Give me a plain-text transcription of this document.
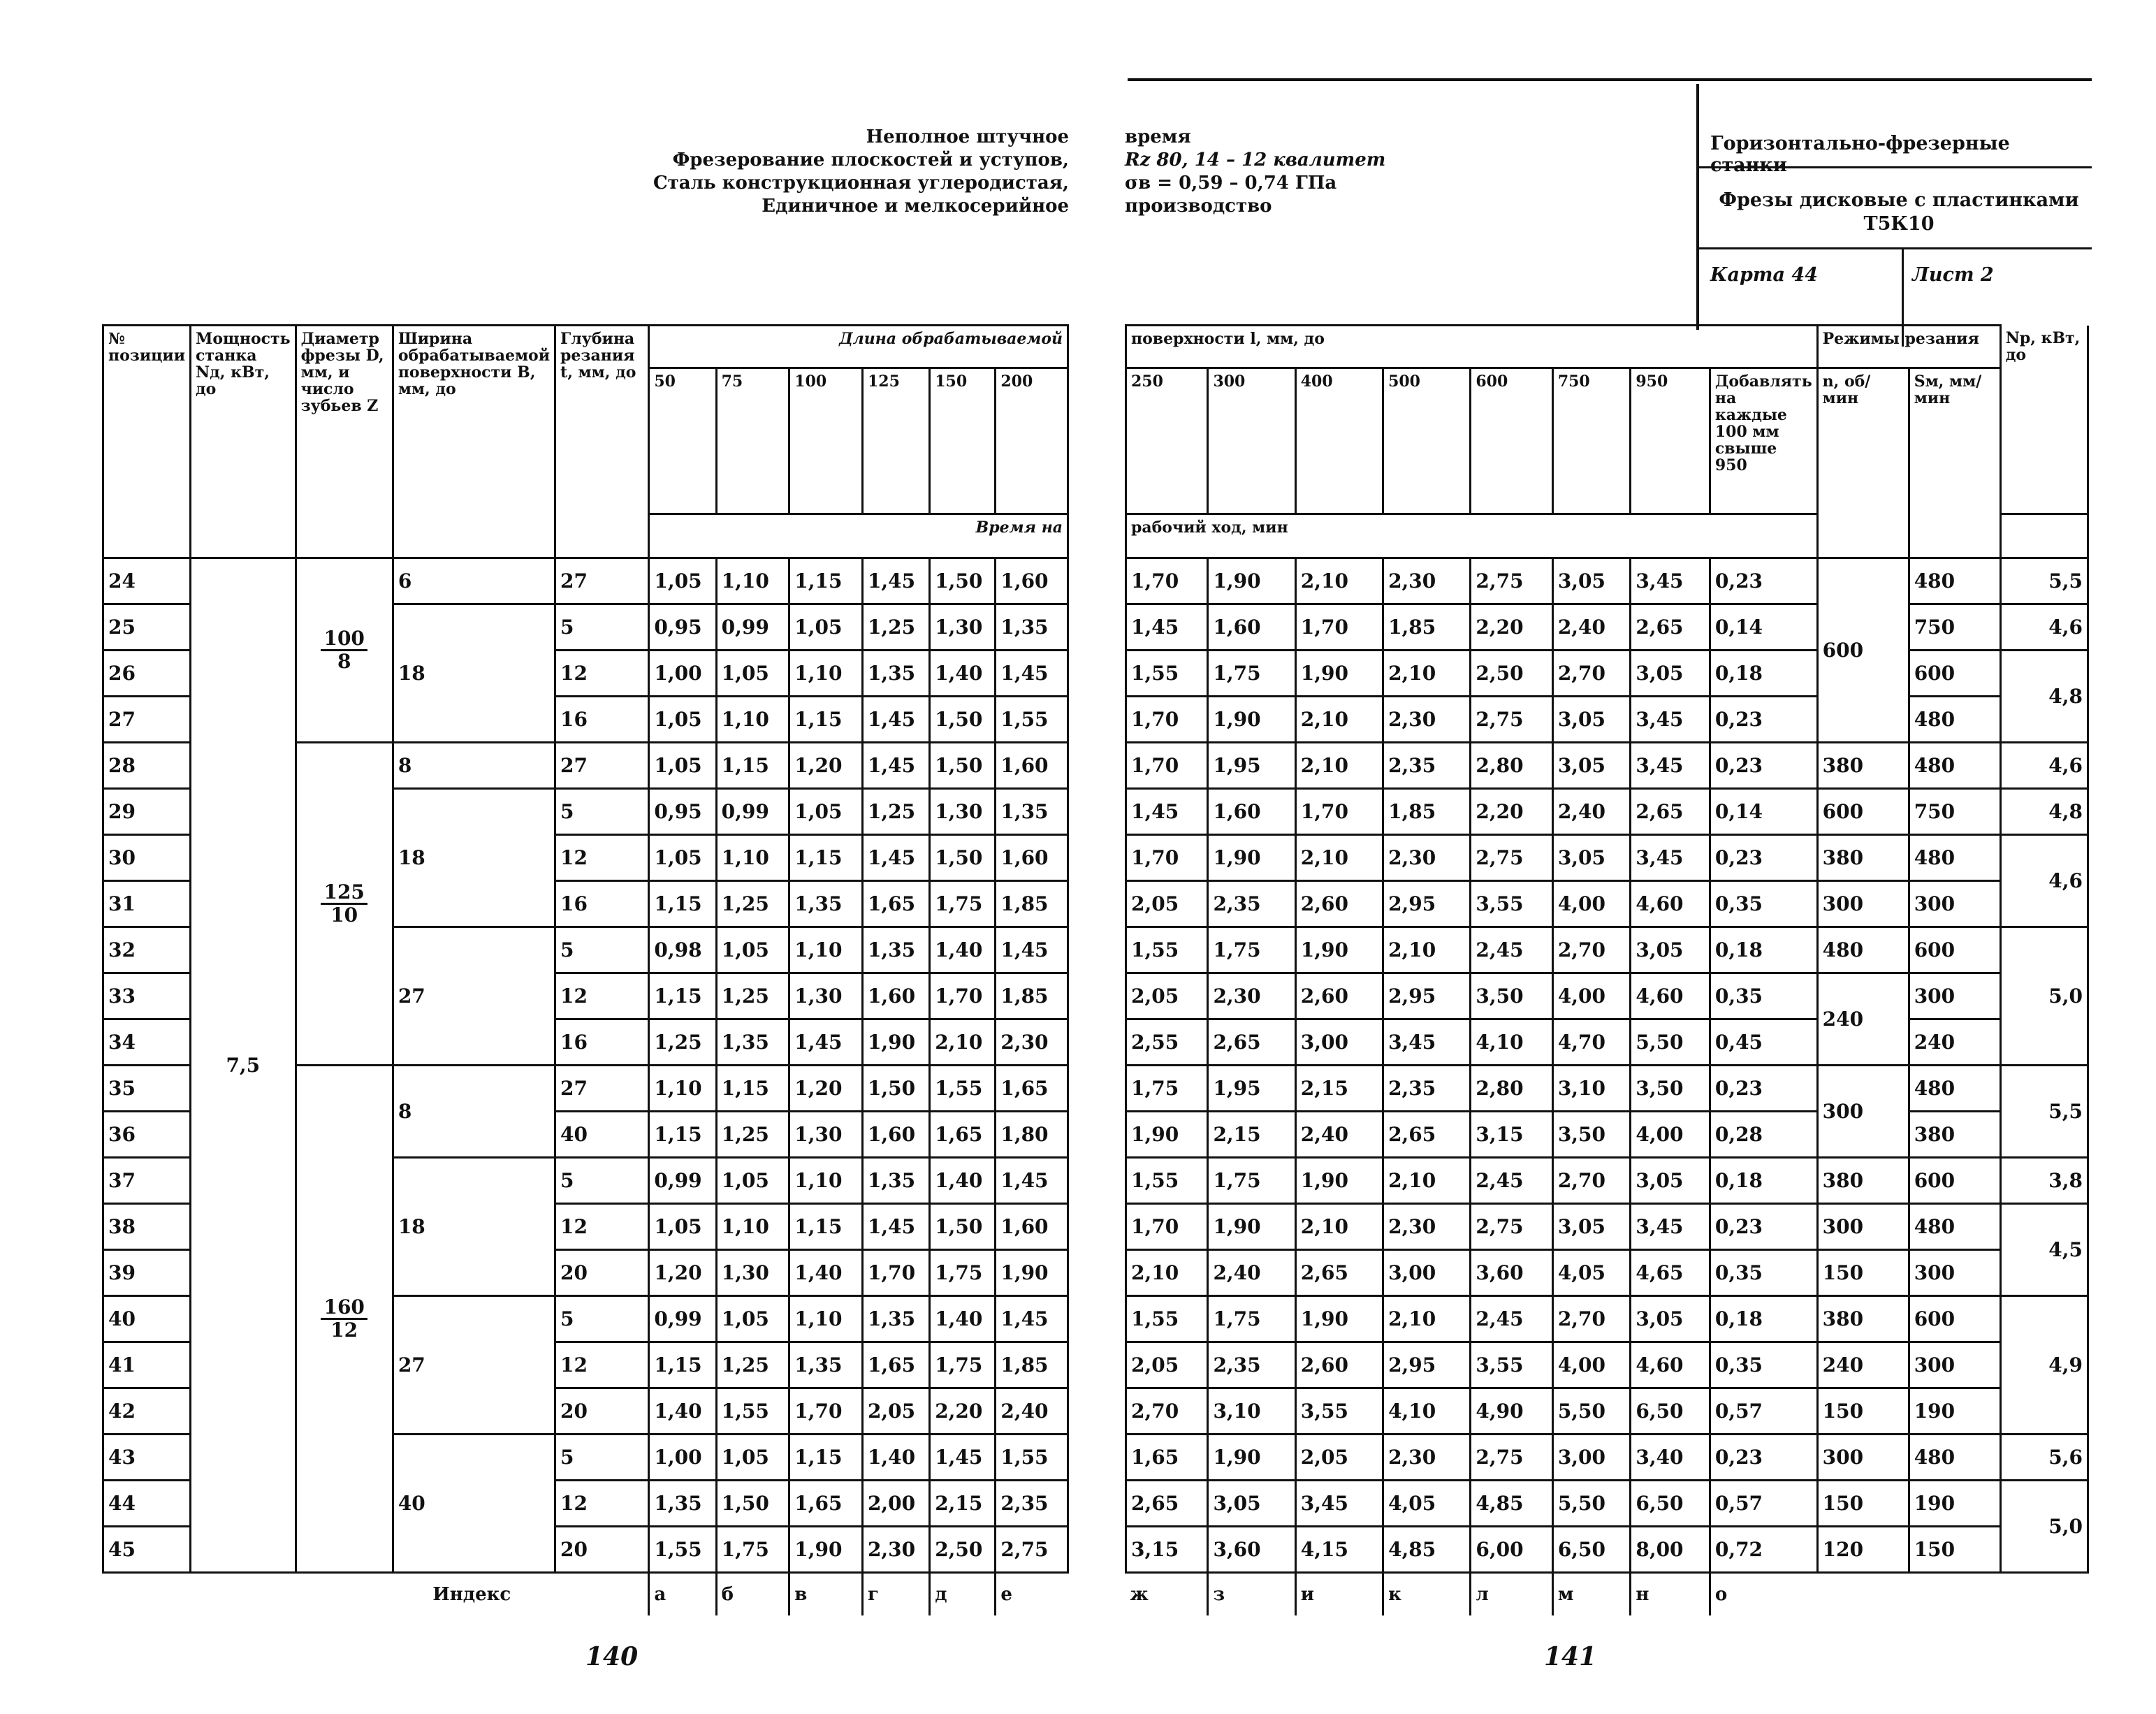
Неполное штучное
Фрезерование плоскостей и уступов,
Сталь конструкционная углеродистая,
Единичное и мелкосерийное
№ позиции	Мощность станка Nд, кВт, до	Диаметр фрезы D, мм, и число зубьев Z	Ширина обрабатываемой поверхности В, мм, до	Глубина резания t, мм, до	Длина обрабатываемой					
					50	75	100	125	150	200
					Время на					
24	7,5	$\frac{100}{8}$	6	27	1,05	1,10	1,15	1,45	1,50	1,60
25			18	5	0,95	0,99	1,05	1,25	1,30	1,35
26				12	1,00	1,05	1,10	1,35	1,40	1,45
27				16	1,05	1,10	1,15	1,45	1,50	1,55
28		$\frac{125}{10}$	8	27	1,05	1,15	1,20	1,45	1,50	1,60
29			18	5	0,95	0,99	1,05	1,25	1,30	1,35
30				12	1,05	1,10	1,15	1,45	1,50	1,60
31				16	1,15	1,25	1,35	1,65	1,75	1,85
32			27	5	0,98	1,05	1,10	1,35	1,40	1,45
33				12	1,15	1,25	1,30	1,60	1,70	1,85
34				16	1,25	1,35	1,45	1,90	2,10	2,30
35		$\frac{160}{12}$	8	27	1,10	1,15	1,20	1,50	1,55	1,65
36				40	1,15	1,25	1,30	1,60	1,65	1,80
37			18	5	0,99	1,05	1,10	1,35	1,40	1,45
38				12	1,05	1,10	1,15	1,45	1,50	1,60
39				20	1,20	1,30	1,40	1,70	1,75	1,90
40			27	5	0,99	1,05	1,10	1,35	1,40	1,45
41				12	1,15	1,25	1,35	1,65	1,75	1,85
42				20	1,40	1,55	1,70	2,05	2,20	2,40
43			40	5	1,00	1,05	1,15	1,40	1,45	1,55
44				12	1,35	1,50	1,65	2,00	2,15	2,35
45				20	1,55	1,75	1,90	2,30	2,50	2,75
		Индекс			а	б	в	г	д	е
140
время
Rz 80, 14 – 12 квалитет
σв = 0,59 – 0,74 ГПа
производство
Горизонтально-фрезерные станки
Фрезы дисковые с пластинками Т5К10
Карта 44	Лист 2
поверхности l, мм, до								Режимы резания		Np, кВт, до
250	300	400	500	600	750	950	Добавлять на каждые 100 мм свыше 950	n, об/мин	Sм, мм/мин	
рабочий ход, мин										
1,70	1,90	2,10	2,30	2,75	3,05	3,45	0,23	600	480	5,5
1,45	1,60	1,70	1,85	2,20	2,40	2,65	0,14		750	4,6
1,55	1,75	1,90	2,10	2,50	2,70	3,05	0,18		600	4,8
1,70	1,90	2,10	2,30	2,75	3,05	3,45	0,23		480	
1,70	1,95	2,10	2,35	2,80	3,05	3,45	0,23	380	480	4,6
1,45	1,60	1,70	1,85	2,20	2,40	2,65	0,14	600	750	4,8
1,70	1,90	2,10	2,30	2,75	3,05	3,45	0,23	380	480	4,6
2,05	2,35	2,60	2,95	3,55	4,00	4,60	0,35	300	300	
1,55	1,75	1,90	2,10	2,45	2,70	3,05	0,18	480	600	5,0
2,05	2,30	2,60	2,95	3,50	4,00	4,60	0,35	240	300	
2,55	2,65	3,00	3,45	4,10	4,70	5,50	0,45		240	
1,75	1,95	2,15	2,35	2,80	3,10	3,50	0,23	300	480	5,5
1,90	2,15	2,40	2,65	3,15	3,50	4,00	0,28		380	
1,55	1,75	1,90	2,10	2,45	2,70	3,05	0,18	380	600	3,8
1,70	1,90	2,10	2,30	2,75	3,05	3,45	0,23	300	480	4,5
2,10	2,40	2,65	3,00	3,60	4,05	4,65	0,35	150	300	
1,55	1,75	1,90	2,10	2,45	2,70	3,05	0,18	380	600	4,9
2,05	2,35	2,60	2,95	3,55	4,00	4,60	0,35	240	300	
2,70	3,10	3,55	4,10	4,90	5,50	6,50	0,57	150	190	
1,65	1,90	2,05	2,30	2,75	3,00	3,40	0,23	300	480	5,6
2,65	3,05	3,45	4,05	4,85	5,50	6,50	0,57	150	190	5,0
3,15	3,60	4,15	4,85	6,00	6,50	8,00	0,72	120	150	
ж	з	и	к	л	м	н	о			
141
